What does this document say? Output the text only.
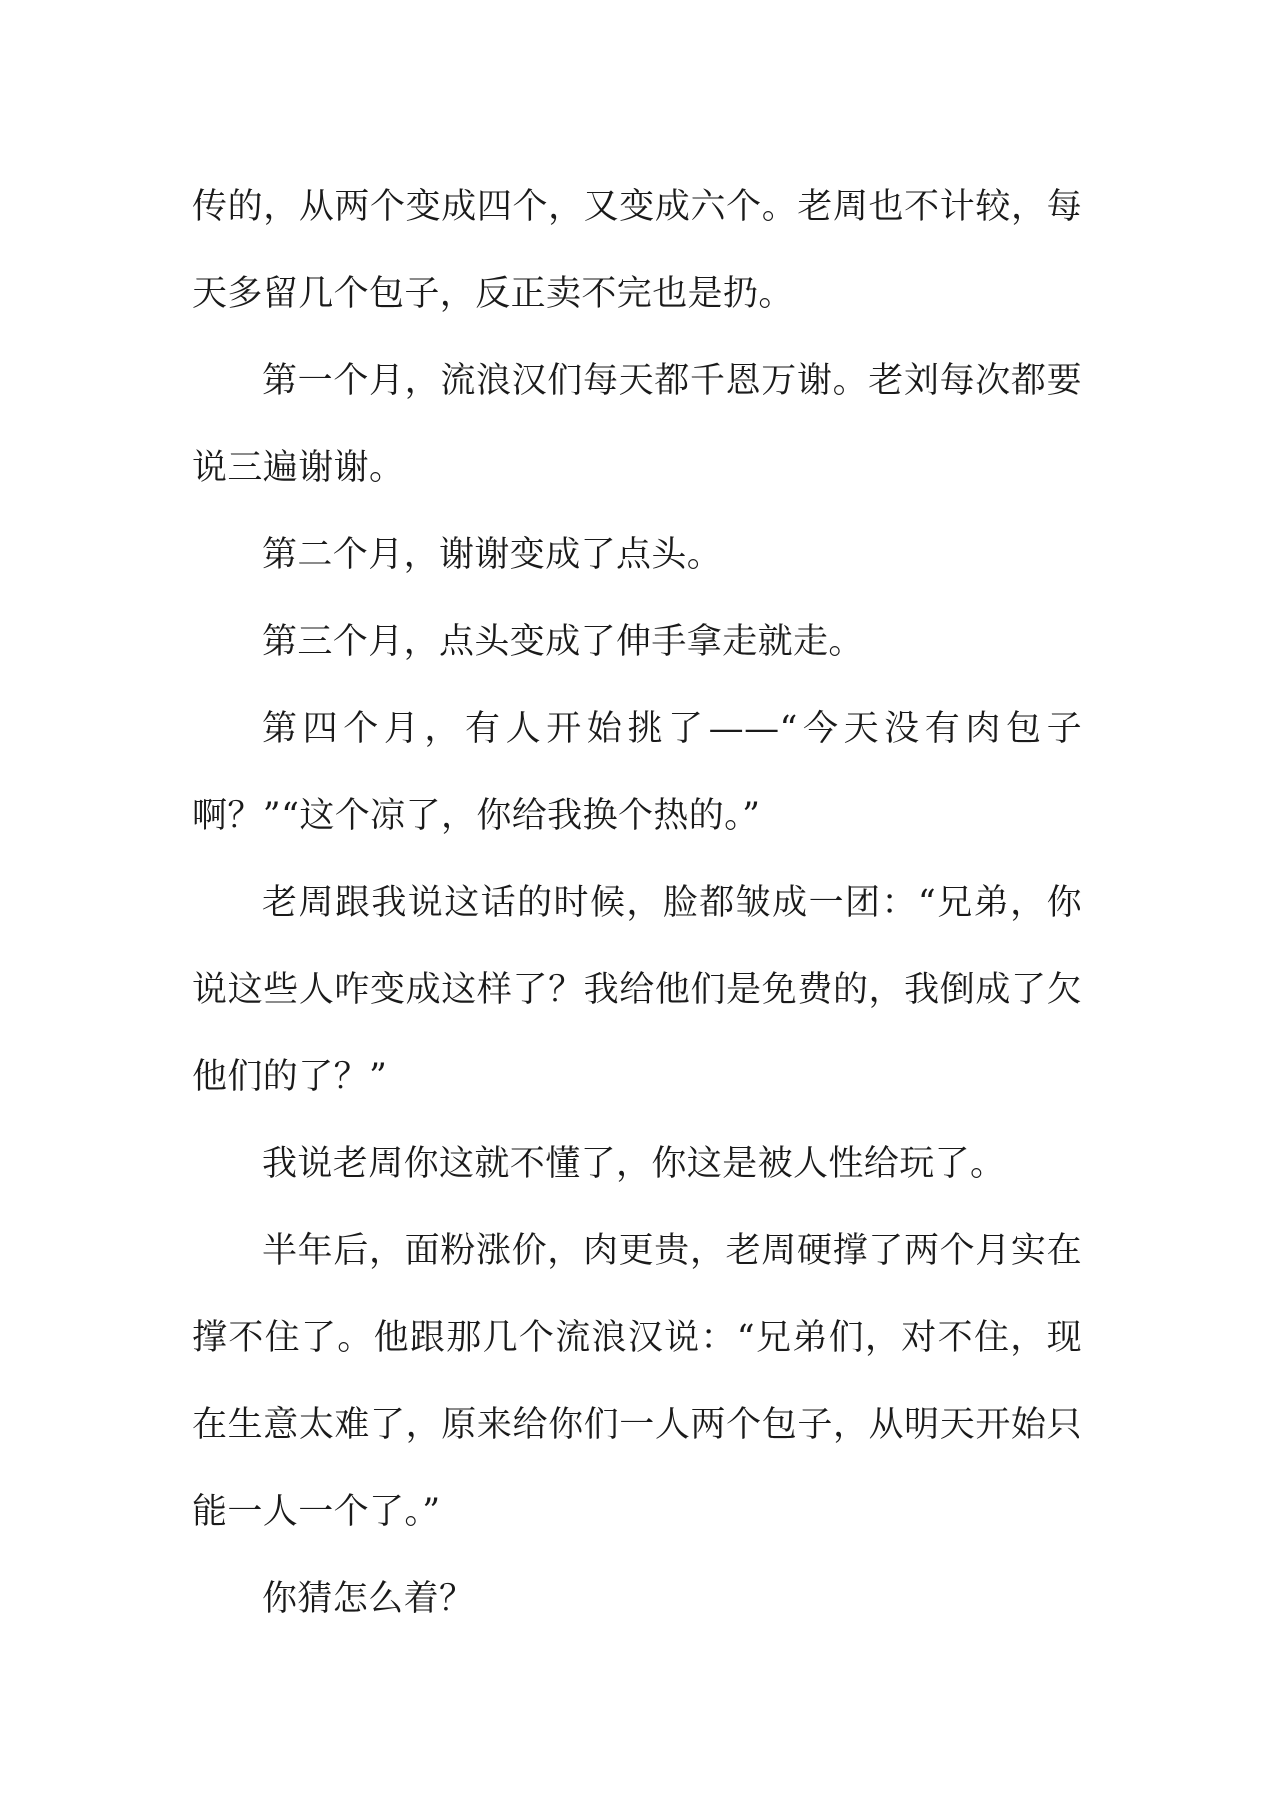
传的，从两个变成四个，又变成六个。老周也不计较，每天多留几个包子，反正卖不完也是扔。

第一个月，流浪汉们每天都千恩万谢。老刘每次都要说三遍谢谢。

第二个月，谢谢变成了点头。

第三个月，点头变成了伸手拿走就走。

第四个月，有人开始挑了——“今天没有肉包子啊？”“这个凉了，你给我换个热的。”

老周跟我说这话的时候，脸都皱成一团：“兄弟，你说这些人咋变成这样了？我给他们是免费的，我倒成了欠他们的了？”

我说老周你这就不懂了，你这是被人性给玩了。

半年后，面粉涨价，肉更贵，老周硬撑了两个月实在撑不住了。他跟那几个流浪汉说：“兄弟们，对不住，现在生意太难了，原来给你们一人两个包子，从明天开始只能一人一个了。”

你猜怎么着？
